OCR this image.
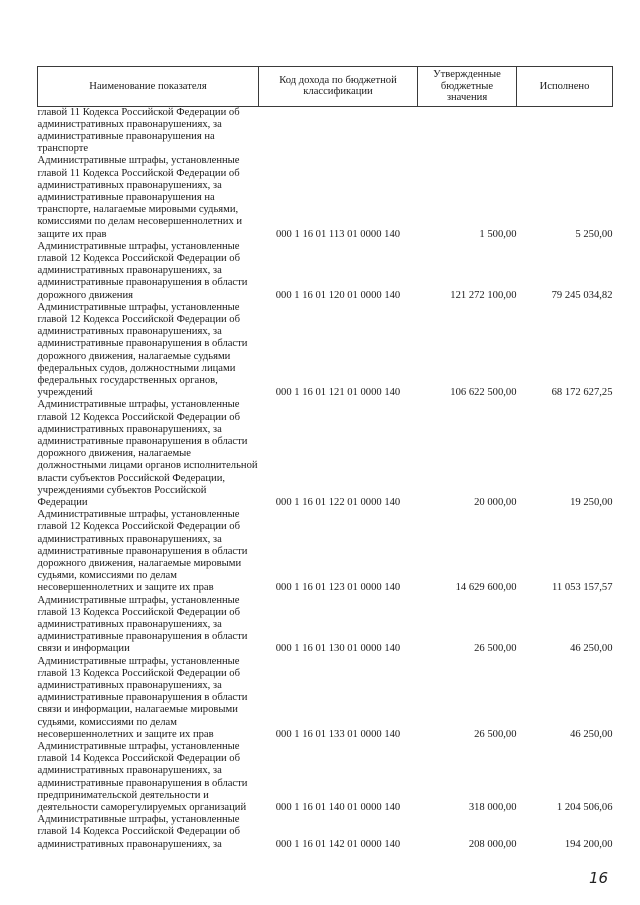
Наименование показателя	Код дохода по бюджетной классификации	Утвержденные бюджетные значения	Исполнено
главой 11 Кодекса Российской Федерации об административных правонарушениях, за административные правонарушения на транспорте			
Административные штрафы, установленные главой 11 Кодекса Российской Федерации об административных правонарушениях, за административные правонарушения на транспорте, налагаемые мировыми судьями, комиссиями по делам несовершеннолетних и защите их прав	000 1 16 01 113 01 0000 140	1 500,00	5 250,00
Административные штрафы, установленные главой 12 Кодекса Российской Федерации об административных правонарушениях, за административные правонарушения в области дорожного движения	000 1 16 01 120 01 0000 140	121 272 100,00	79 245 034,82
Административные штрафы, установленные главой 12 Кодекса Российской Федерации об административных правонарушениях, за административные правонарушения в области дорожного движения, налагаемые судьями федеральных судов, должностными лицами федеральных государственных органов, учреждений	000 1 16 01 121 01 0000 140	106 622 500,00	68 172 627,25
Административные штрафы, установленные главой 12 Кодекса Российской Федерации об административных правонарушениях, за административные правонарушения в области дорожного движения, налагаемые должностными лицами органов исполнительной власти субъектов Российской Федерации, учреждениями субъектов Российской Федерации	000 1 16 01 122 01 0000 140	20 000,00	19 250,00
Административные штрафы, установленные главой 12 Кодекса Российской Федерации об административных правонарушениях, за административные правонарушения в области дорожного движения, налагаемые мировыми судьями, комиссиями по делам несовершеннолетних и защите их прав	000 1 16 01 123 01 0000 140	14 629 600,00	11 053 157,57
Административные штрафы, установленные главой 13 Кодекса Российской Федерации об административных правонарушениях, за административные правонарушения в области связи и информации	000 1 16 01 130 01 0000 140	26 500,00	46 250,00
Административные штрафы, установленные главой 13 Кодекса Российской Федерации об административных правонарушениях, за административные правонарушения в области связи и информации, налагаемые мировыми судьями, комиссиями по делам несовершеннолетних и защите их прав	000 1 16 01 133 01 0000 140	26 500,00	46 250,00
Административные штрафы, установленные главой 14 Кодекса Российской Федерации об административных правонарушениях, за административные правонарушения в области предпринимательской деятельности и деятельности саморегулируемых организаций	000 1 16 01 140 01 0000 140	318 000,00	1 204 506,06
Административные штрафы, установленные главой 14 Кодекса Российской Федерации об административных правонарушениях, за	000 1 16 01 142 01 0000 140	208 000,00	194 200,00
16
